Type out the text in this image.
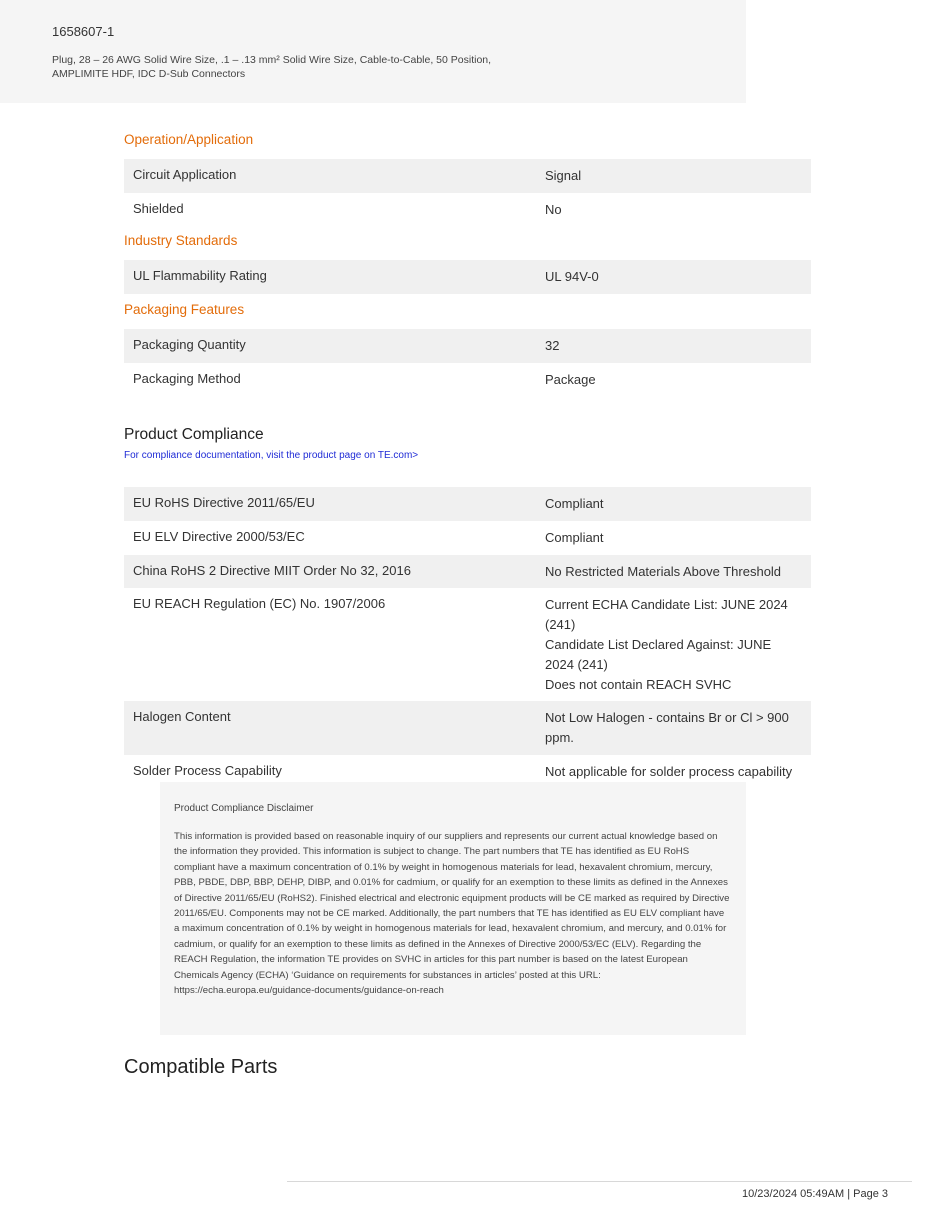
1658607-1
Plug, 28 – 26 AWG Solid Wire Size, .1 – .13 mm² Solid Wire Size, Cable-to-Cable, 50 Position, AMPLIMITE HDF, IDC D-Sub Connectors
Operation/Application
Circuit Application	Signal
Shielded	No
Industry Standards
UL Flammability Rating	UL 94V-0
Packaging Features
Packaging Quantity	32
Packaging Method	Package
Product Compliance
For compliance documentation, visit the product page on TE.com>
EU RoHS Directive 2011/65/EU	Compliant
EU ELV Directive 2000/53/EC	Compliant
China RoHS 2 Directive MIIT Order No 32, 2016	No Restricted Materials Above Threshold
EU REACH Regulation (EC) No. 1907/2006	Current ECHA Candidate List: JUNE 2024 (241)
Candidate List Declared Against: JUNE 2024 (241)
Does not contain REACH SVHC
Halogen Content	Not Low Halogen - contains Br or Cl > 900 ppm.
Solder Process Capability	Not applicable for solder process capability
Product Compliance Disclaimer
This information is provided based on reasonable inquiry of our suppliers and represents our current actual knowledge based on the information they provided. This information is subject to change. The part numbers that TE has identified as EU RoHS compliant have a maximum concentration of 0.1% by weight in homogenous materials for lead, hexavalent chromium, mercury, PBB, PBDE, DBP, BBP, DEHP, DIBP, and 0.01% for cadmium, or qualify for an exemption to these limits as defined in the Annexes of Directive 2011/65/EU (RoHS2). Finished electrical and electronic equipment products will be CE marked as required by Directive 2011/65/EU. Components may not be CE marked. Additionally, the part numbers that TE has identified as EU ELV compliant have a maximum concentration of 0.1% by weight in homogenous materials for lead, hexavalent chromium, and mercury, and 0.01% for cadmium, or qualify for an exemption to these limits as defined in the Annexes of Directive 2000/53/EC (ELV). Regarding the REACH Regulation, the information TE provides on SVHC in articles for this part number is based on the latest European Chemicals Agency (ECHA) ‘Guidance on requirements for substances in articles’ posted at this URL: https://echa.europa.eu/guidance-documents/guidance-on-reach
Compatible Parts
10/23/2024 05:49AM | Page 3
